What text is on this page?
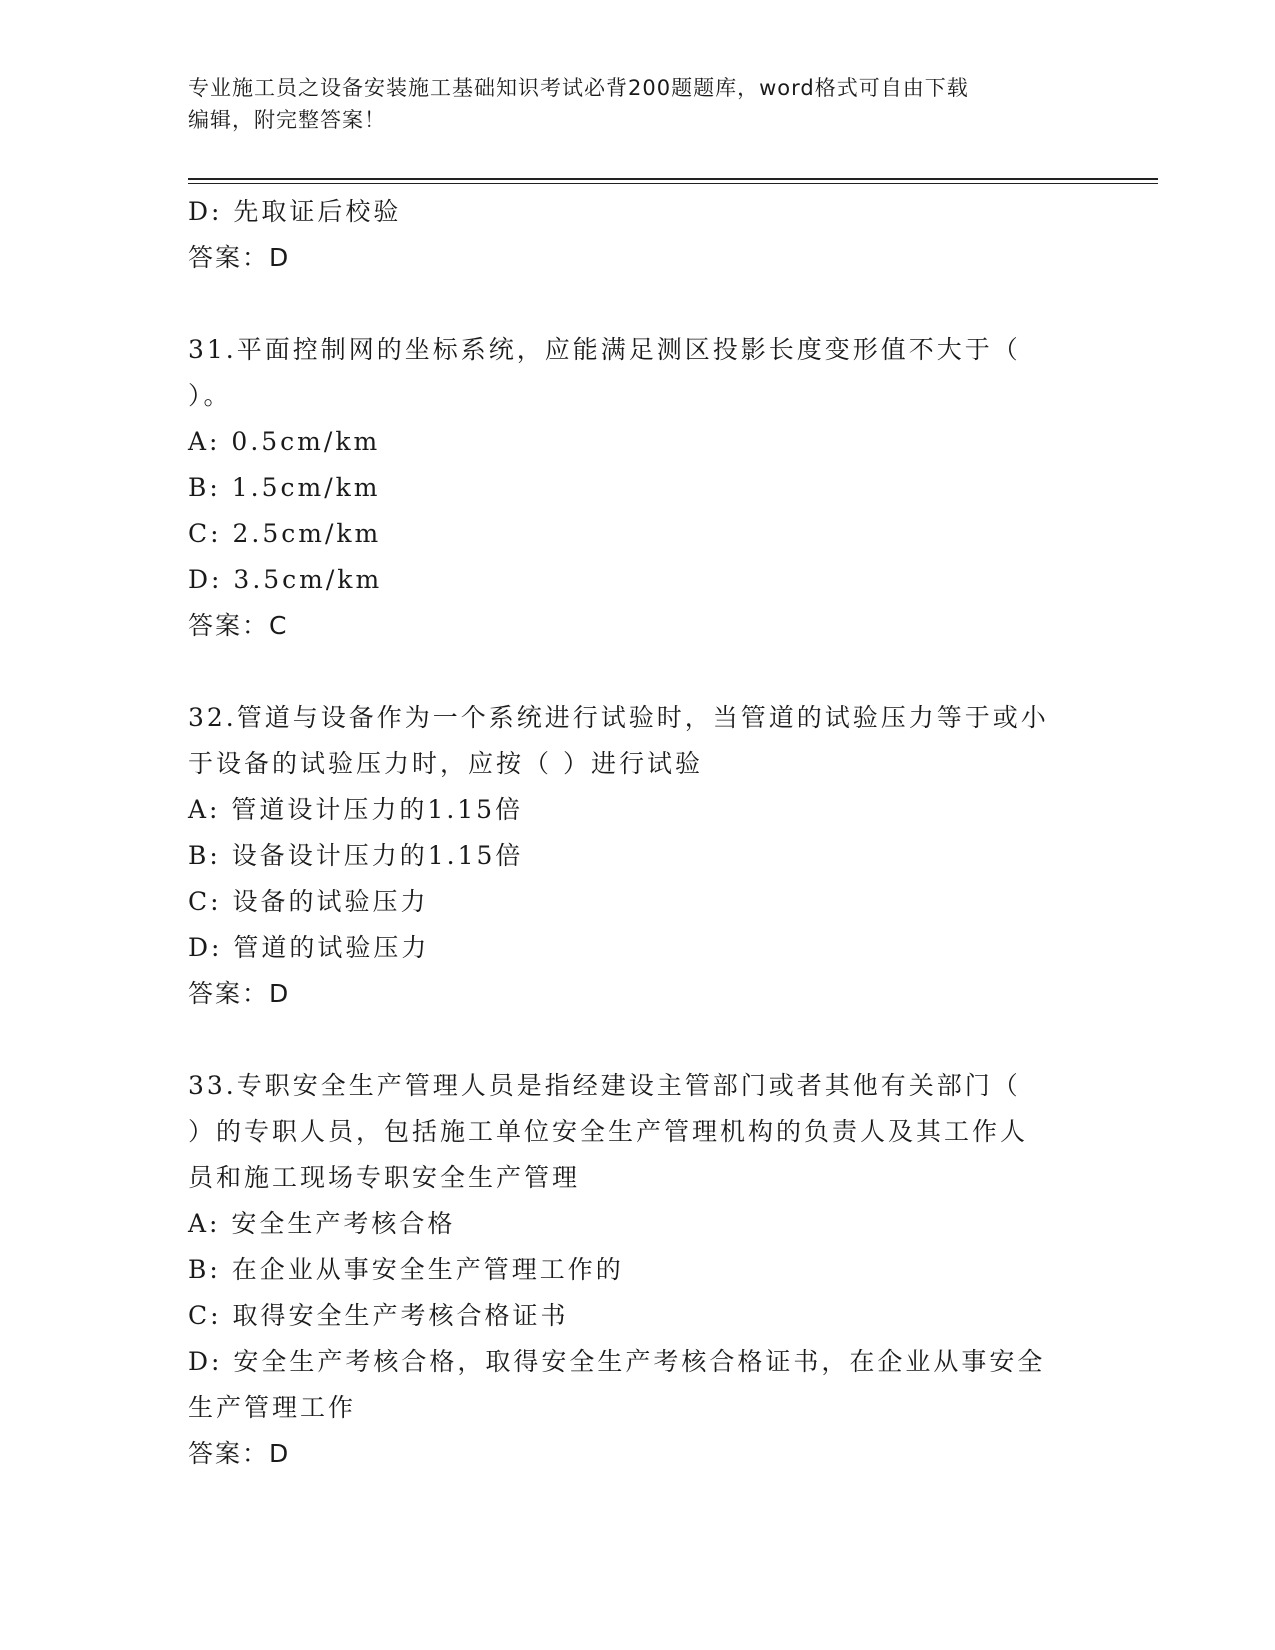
专业施工员之设备安装施工基础知识考试必背200题题库，word格式可自由下载
编辑，附完整答案！
D: 先取证后校验
答案：D
31.平面控制网的坐标系统，应能满足测区投影长度变形值不大于（
）。
A: 0.5cm/km
B: 1.5cm/km
C: 2.5cm/km
D: 3.5cm/km
答案：C
32.管道与设备作为一个系统进行试验时，当管道的试验压力等于或小
于设备的试验压力时，应按（ ）进行试验
A: 管道设计压力的1.15倍
B: 设备设计压力的1.15倍
C: 设备的试验压力
D: 管道的试验压力
答案：D
33.专职安全生产管理人员是指经建设主管部门或者其他有关部门（
）的专职人员，包括施工单位安全生产管理机构的负责人及其工作人
员和施工现场专职安全生产管理
A: 安全生产考核合格
B: 在企业从事安全生产管理工作的
C: 取得安全生产考核合格证书
D: 安全生产考核合格，取得安全生产考核合格证书，在企业从事安全
生产管理工作
答案：D
